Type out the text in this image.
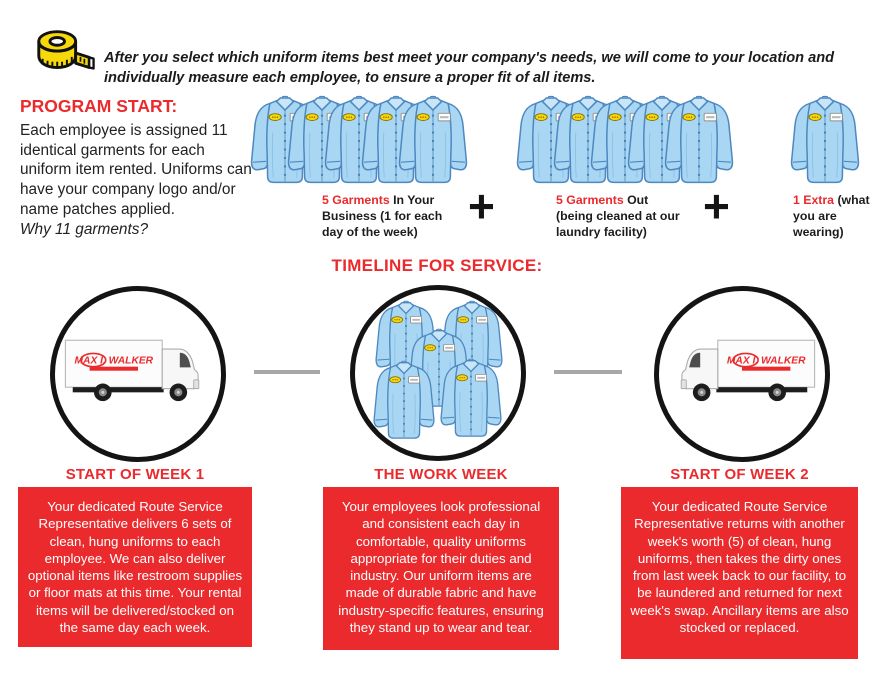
After you select which uniform items best meet your company's needs, we will come to your location and individually measure each employee, to ensure a proper fit of all items.

PROGRAM START:

Each employee is assigned 11 identical garments for each uniform item rented. Uniforms can have your company logo and/or name patches applied.

Why 11 garments?

5 Garments In Your Business (1 for each day of the week)

+	5 Garments Out (being cleaned at our laundry facility)

+	1 Extra (what you are wearing)

TIMELINE FOR SERVICE:
MAX I. WALKER	MAX I. WALKER
START OF WEEK 1	THE WORK WEEK	START OF WEEK 2
Your dedicated Route Service Representative delivers 6 sets of clean, hung uniforms to each employee. We can also deliver optional items like restroom supplies or floor mats at this time. Your rental items will be delivered/stocked on the same day each week.
Your employees look professional and consistent each day in comfortable, quality uniforms appropriate for their duties and industry. Our uniform items are made of durable fabric and have industry-specific features, ensuring they stand up to wear and tear.
Your dedicated Route Service Representative returns with another week's worth (5) of clean, hung uniforms, then takes the dirty ones from last week back to our facility, to be laundered and returned for next week's swap. Ancillary items are also stocked or replaced.
